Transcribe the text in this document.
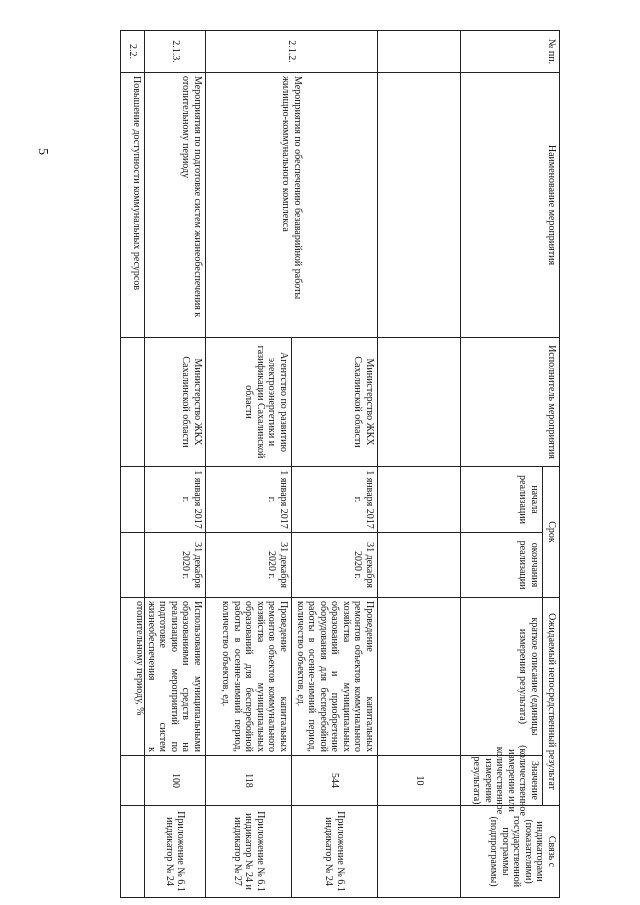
5
№ пп.
Наименование мероприятия
Исполнитель мероприятия
Срок
начала реализации
окончания реализации
Ожидаемый непосредственный результат
краткое описание (единицы измерения результата)
Значение (количественное измерение или количественное измерение результата)
Связь с индикаторами (показателями) государственной программы (подпрограммы)
10
2.1.2.
Мероприятия по обеспечению безаварийной работы жилищно-коммунального комплекса
Министерство ЖКХ Сахалинской области
1 января 2017 г.
31 декабря 2020 г.
Проведение капитальных ремонтов объектов коммунального хозяйства муниципальных образований и приобретение оборудования для бесперебойной работы в осенне-зимний период, количество объектов, ед.
544
Приложение № 6.1 индикатор № 24
Агентство по развитию электроэнергетики и газификации Сахалинской области
1 января 2017 г.
31 декабря 2020 г.
Проведение капитальных ремонтов объектов коммунального хозяйства муниципальных образований для бесперебойной работы в осенне-зимний период, количество объектов, ед.
118
Приложение № 6.1 индикатор № 24 и индикатор № 27
2.1.3.
Мероприятия по подготовке систем жизнеобеспечения к отопительному периоду
Министерство ЖКХ Сахалинской области
1 января 2017 г.
31 декабря 2020 г.
Использование муниципальными образованиями средств на реализацию мероприятий по подготовке систем жизнеобеспечения к отопительному периоду, %
100
Приложение № 6.1 индикатор № 24
2.2.
Повышение доступности коммунальных ресурсов
